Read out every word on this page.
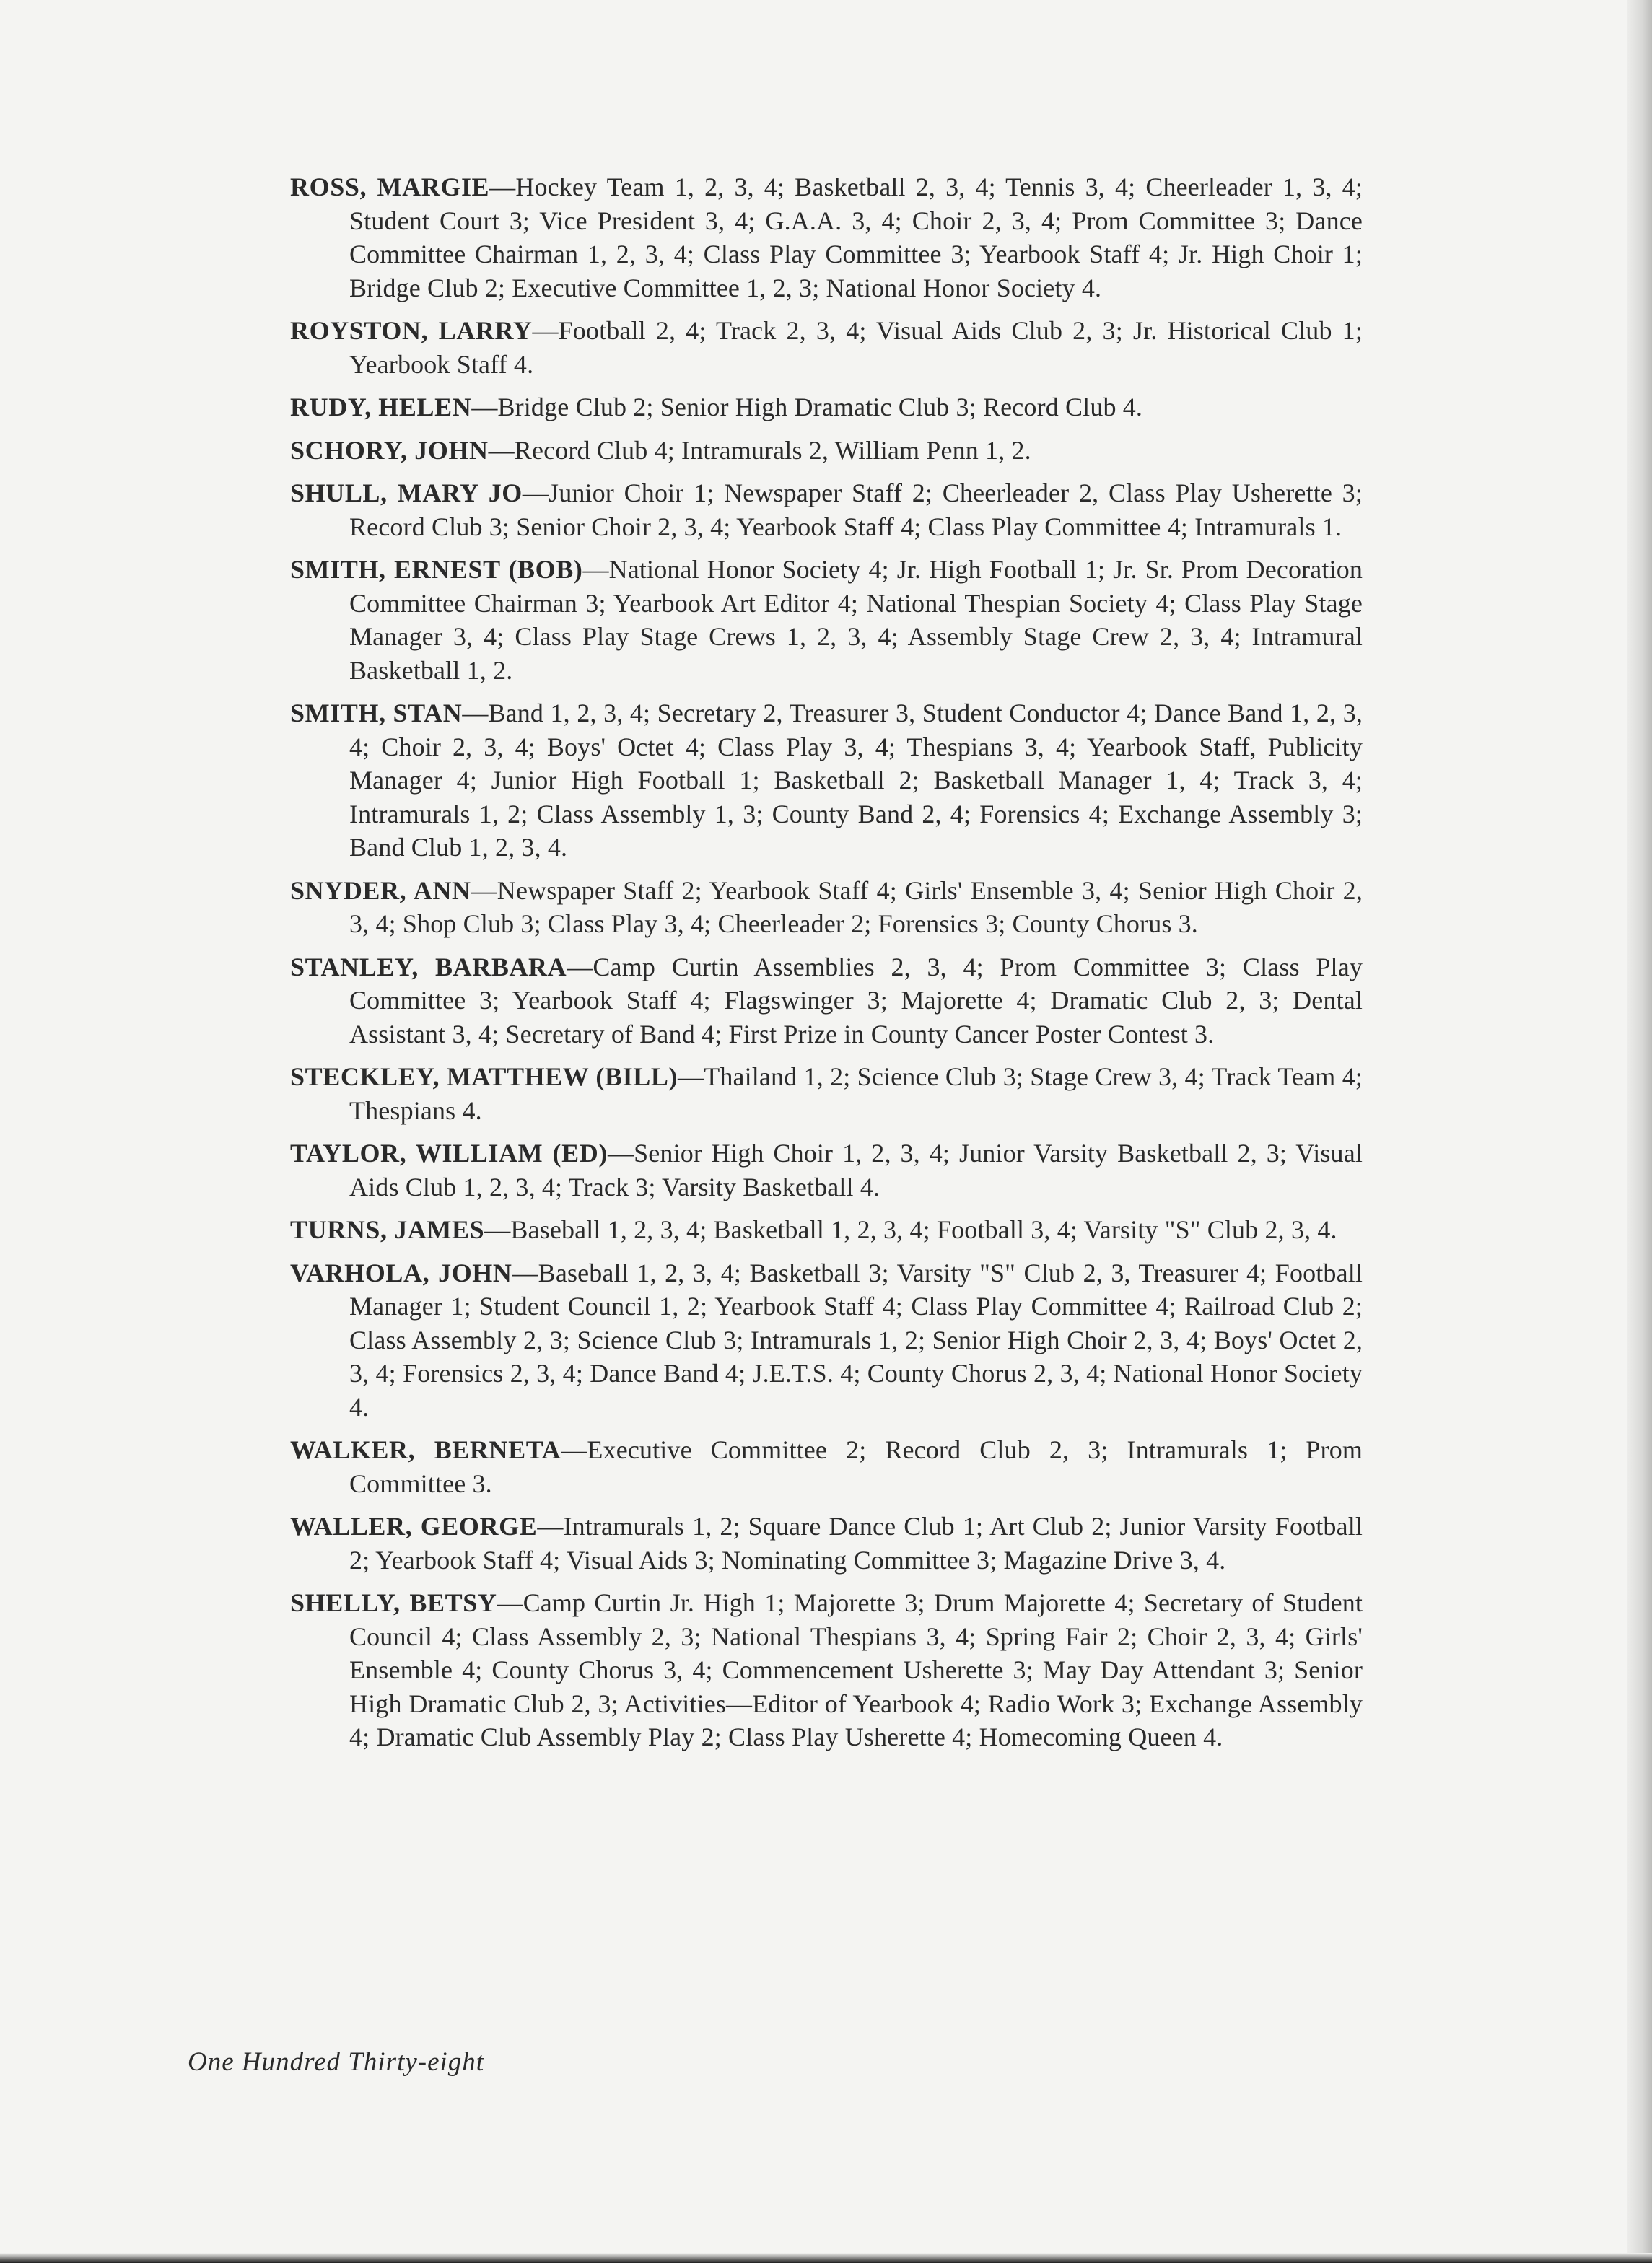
ROSS, MARGIE—Hockey Team 1, 2, 3, 4; Basketball 2, 3, 4; Tennis 3, 4; Cheerleader 1, 3, 4; Student Court 3; Vice President 3, 4; G.A.A. 3, 4; Choir 2, 3, 4; Prom Committee 3; Dance Committee Chairman 1, 2, 3, 4; Class Play Committee 3; Yearbook Staff 4; Jr. High Choir 1; Bridge Club 2; Executive Committee 1, 2, 3; National Honor Society 4.

ROYSTON, LARRY—Football 2, 4; Track 2, 3, 4; Visual Aids Club 2, 3; Jr. Historical Club 1; Yearbook Staff 4.

RUDY, HELEN—Bridge Club 2; Senior High Dramatic Club 3; Record Club 4.

SCHORY, JOHN—Record Club 4; Intramurals 2, William Penn 1, 2.

SHULL, MARY JO—Junior Choir 1; Newspaper Staff 2; Cheerleader 2, Class Play Usherette 3; Record Club 3; Senior Choir 2, 3, 4; Yearbook Staff 4; Class Play Committee 4; Intramurals 1.

SMITH, ERNEST (BOB)—National Honor Society 4; Jr. High Football 1; Jr. Sr. Prom Decoration Committee Chairman 3; Yearbook Art Editor 4; National Thespian Society 4; Class Play Stage Manager 3, 4; Class Play Stage Crews 1, 2, 3, 4; Assembly Stage Crew 2, 3, 4; Intramural Basketball 1, 2.

SMITH, STAN—Band 1, 2, 3, 4; Secretary 2, Treasurer 3, Student Conductor 4; Dance Band 1, 2, 3, 4; Choir 2, 3, 4; Boys' Octet 4; Class Play 3, 4; Thespians 3, 4; Yearbook Staff, Publicity Manager 4; Junior High Football 1; Basketball 2; Basketball Manager 1, 4; Track 3, 4; Intramurals 1, 2; Class Assembly 1, 3; County Band 2, 4; Forensics 4; Exchange Assembly 3; Band Club 1, 2, 3, 4.

SNYDER, ANN—Newspaper Staff 2; Yearbook Staff 4; Girls' Ensemble 3, 4; Senior High Choir 2, 3, 4; Shop Club 3; Class Play 3, 4; Cheerleader 2; Forensics 3; County Chorus 3.

STANLEY, BARBARA—Camp Curtin Assemblies 2, 3, 4; Prom Committee 3; Class Play Committee 3; Yearbook Staff 4; Flagswinger 3; Majorette 4; Dramatic Club 2, 3; Dental Assistant 3, 4; Secretary of Band 4; First Prize in County Cancer Poster Contest 3.

STECKLEY, MATTHEW (BILL)—Thailand 1, 2; Science Club 3; Stage Crew 3, 4; Track Team 4; Thespians 4.

TAYLOR, WILLIAM (ED)—Senior High Choir 1, 2, 3, 4; Junior Varsity Basketball 2, 3; Visual Aids Club 1, 2, 3, 4; Track 3; Varsity Basketball 4.

TURNS, JAMES—Baseball 1, 2, 3, 4; Basketball 1, 2, 3, 4; Football 3, 4; Varsity "S" Club 2, 3, 4.

VARHOLA, JOHN—Baseball 1, 2, 3, 4; Basketball 3; Varsity "S" Club 2, 3, Treasurer 4; Football Manager 1; Student Council 1, 2; Yearbook Staff 4; Class Play Committee 4; Railroad Club 2; Class Assembly 2, 3; Science Club 3; Intramurals 1, 2; Senior High Choir 2, 3, 4; Boys' Octet 2, 3, 4; Forensics 2, 3, 4; Dance Band 4; J.E.T.S. 4; County Chorus 2, 3, 4; National Honor Society 4.

WALKER, BERNETA—Executive Committee 2; Record Club 2, 3; Intramurals 1; Prom Committee 3.

WALLER, GEORGE—Intramurals 1, 2; Square Dance Club 1; Art Club 2; Junior Varsity Football 2; Yearbook Staff 4; Visual Aids 3; Nominating Committee 3; Magazine Drive 3, 4.

SHELLY, BETSY—Camp Curtin Jr. High 1; Majorette 3; Drum Majorette 4; Secretary of Student Council 4; Class Assembly 2, 3; National Thespians 3, 4; Spring Fair 2; Choir 2, 3, 4; Girls' Ensemble 4; County Chorus 3, 4; Commencement Usherette 3; May Day Attendant 3; Senior High Dramatic Club 2, 3; Activities—Editor of Yearbook 4; Radio Work 3; Exchange Assembly 4; Dramatic Club Assembly Play 2; Class Play Usherette 4; Homecoming Queen 4.

One Hundred Thirty-eight
